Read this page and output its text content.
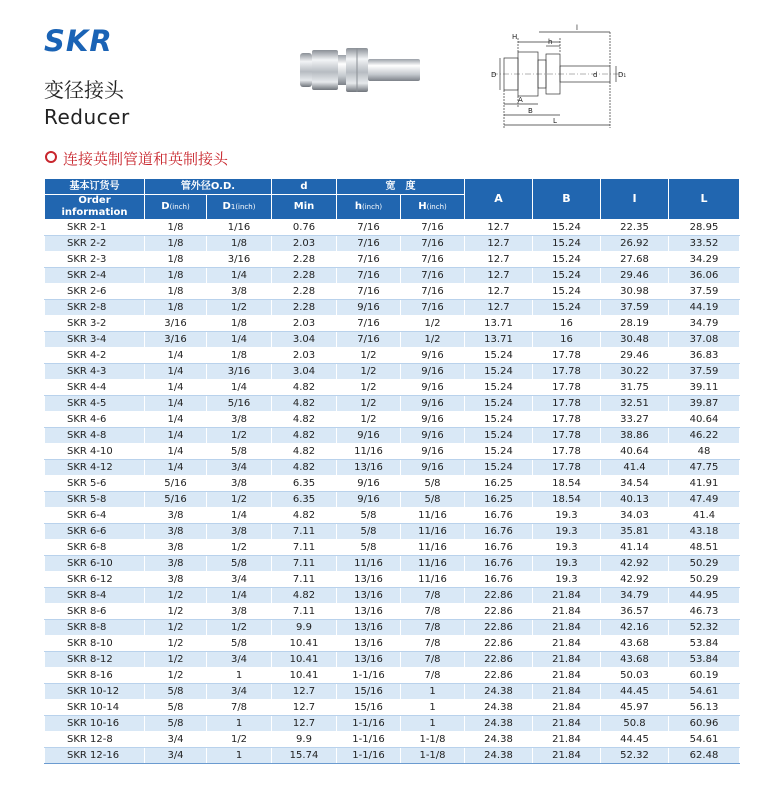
SKR
变径接头
Reducer
H
l
h
D	D₁
d
A
B
L
连接英制管道和英制接头
基本订货号	管外径O.D.		d	宽　度		A	B	I	L
Order information	D(inch)	D1(inch)	Min	h(inch)	H(inch)				
SKR 2-1	1/8	1/16	0.76	7/16	7/16	12.7	15.24	22.35	28.95
SKR 2-2	1/8	1/8	2.03	7/16	7/16	12.7	15.24	26.92	33.52
SKR 2-3	1/8	3/16	2.28	7/16	7/16	12.7	15.24	27.68	34.29
SKR 2-4	1/8	1/4	2.28	7/16	7/16	12.7	15.24	29.46	36.06
SKR 2-6	1/8	3/8	2.28	7/16	7/16	12.7	15.24	30.98	37.59
SKR 2-8	1/8	1/2	2.28	9/16	7/16	12.7	15.24	37.59	44.19
SKR 3-2	3/16	1/8	2.03	7/16	1/2	13.71	16	28.19	34.79
SKR 3-4	3/16	1/4	3.04	7/16	1/2	13.71	16	30.48	37.08
SKR 4-2	1/4	1/8	2.03	1/2	9/16	15.24	17.78	29.46	36.83
SKR 4-3	1/4	3/16	3.04	1/2	9/16	15.24	17.78	30.22	37.59
SKR 4-4	1/4	1/4	4.82	1/2	9/16	15.24	17.78	31.75	39.11
SKR 4-5	1/4	5/16	4.82	1/2	9/16	15.24	17.78	32.51	39.87
SKR 4-6	1/4	3/8	4.82	1/2	9/16	15.24	17.78	33.27	40.64
SKR 4-8	1/4	1/2	4.82	9/16	9/16	15.24	17.78	38.86	46.22
SKR 4-10	1/4	5/8	4.82	11/16	9/16	15.24	17.78	40.64	48
SKR 4-12	1/4	3/4	4.82	13/16	9/16	15.24	17.78	41.4	47.75
SKR 5-6	5/16	3/8	6.35	9/16	5/8	16.25	18.54	34.54	41.91
SKR 5-8	5/16	1/2	6.35	9/16	5/8	16.25	18.54	40.13	47.49
SKR 6-4	3/8	1/4	4.82	5/8	11/16	16.76	19.3	34.03	41.4
SKR 6-6	3/8	3/8	7.11	5/8	11/16	16.76	19.3	35.81	43.18
SKR 6-8	3/8	1/2	7.11	5/8	11/16	16.76	19.3	41.14	48.51
SKR 6-10	3/8	5/8	7.11	11/16	11/16	16.76	19.3	42.92	50.29
SKR 6-12	3/8	3/4	7.11	13/16	11/16	16.76	19.3	42.92	50.29
SKR 8-4	1/2	1/4	4.82	13/16	7/8	22.86	21.84	34.79	44.95
SKR 8-6	1/2	3/8	7.11	13/16	7/8	22.86	21.84	36.57	46.73
SKR 8-8	1/2	1/2	9.9	13/16	7/8	22.86	21.84	42.16	52.32
SKR 8-10	1/2	5/8	10.41	13/16	7/8	22.86	21.84	43.68	53.84
SKR 8-12	1/2	3/4	10.41	13/16	7/8	22.86	21.84	43.68	53.84
SKR 8-16	1/2	1	10.41	1-1/16	7/8	22.86	21.84	50.03	60.19
SKR 10-12	5/8	3/4	12.7	15/16	1	24.38	21.84	44.45	54.61
SKR 10-14	5/8	7/8	12.7	15/16	1	24.38	21.84	45.97	56.13
SKR 10-16	5/8	1	12.7	1-1/16	1	24.38	21.84	50.8	60.96
SKR 12-8	3/4	1/2	9.9	1-1/16	1-1/8	24.38	21.84	44.45	54.61
SKR 12-16	3/4	1	15.74	1-1/16	1-1/8	24.38	21.84	52.32	62.48
